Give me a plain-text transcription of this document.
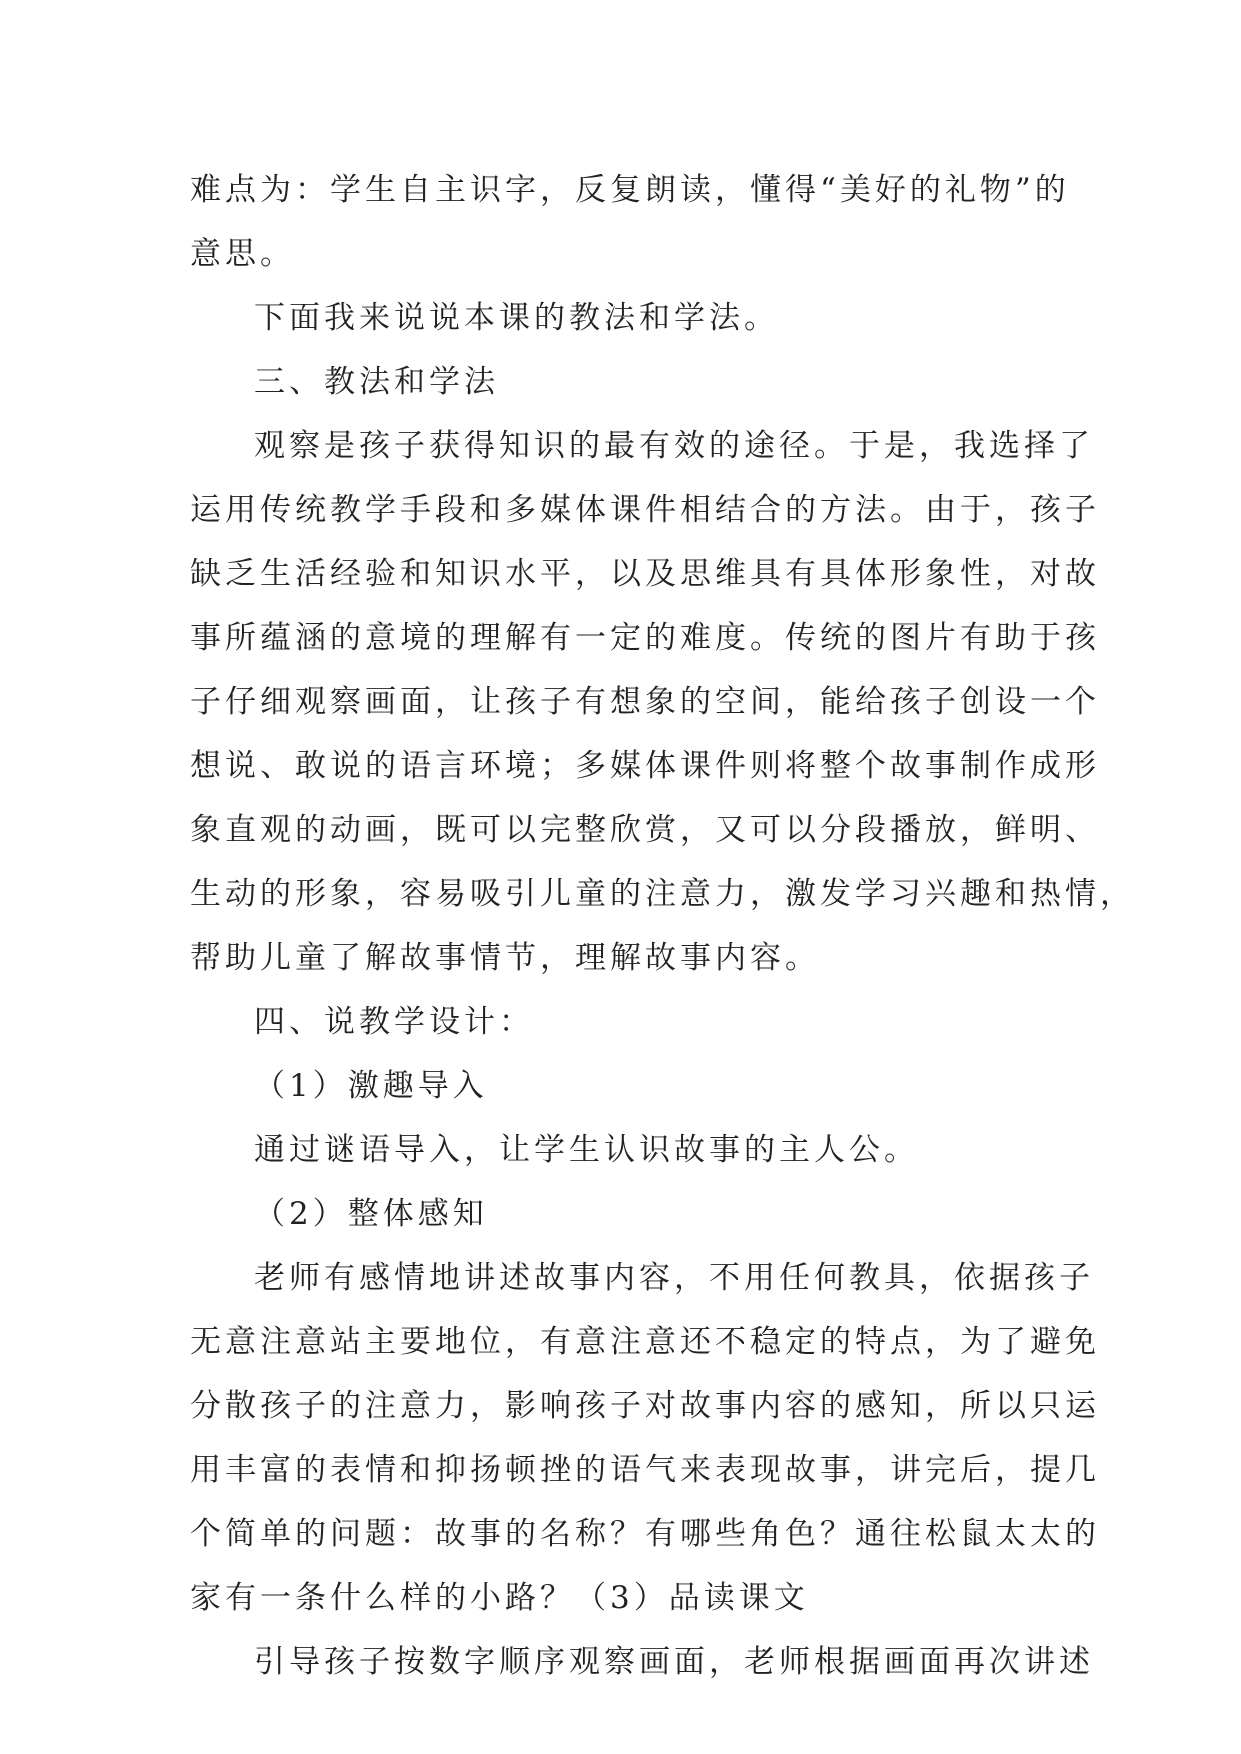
难点为：学生自主识字，反复朗读，懂得“美好的礼物”的
意思。
下面我来说说本课的教法和学法。
三、教法和学法
观察是孩子获得知识的最有效的途径。于是，我选择了
运用传统教学手段和多媒体课件相结合的方法。由于，孩子
缺乏生活经验和知识水平，以及思维具有具体形象性，对故
事所蕴涵的意境的理解有一定的难度。传统的图片有助于孩
子仔细观察画面，让孩子有想象的空间，能给孩子创设一个
想说、敢说的语言环境；多媒体课件则将整个故事制作成形
象直观的动画，既可以完整欣赏，又可以分段播放，鲜明、
生动的形象，容易吸引儿童的注意力，激发学习兴趣和热情，
帮助儿童了解故事情节，理解故事内容。
四、说教学设计：
（1）激趣导入
通过谜语导入，让学生认识故事的主人公。
（2）整体感知
老师有感情地讲述故事内容，不用任何教具，依据孩子
无意注意站主要地位，有意注意还不稳定的特点，为了避免
分散孩子的注意力，影响孩子对故事内容的感知，所以只运
用丰富的表情和抑扬顿挫的语气来表现故事，讲完后，提几
个简单的问题：故事的名称？有哪些角色？通往松鼠太太的
家有一条什么样的小路？（3）品读课文
引导孩子按数字顺序观察画面，老师根据画面再次讲述
